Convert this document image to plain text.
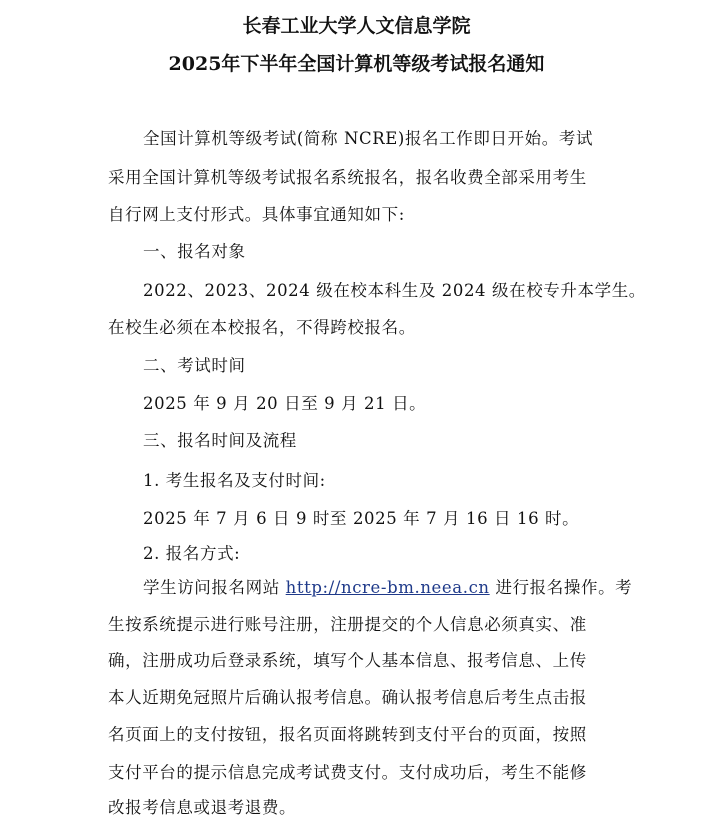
长春工业大学人文信息学院
2025年下半年全国计算机等级考试报名通知
全国计算机等级考试(简称 NCRE)报名工作即日开始。考试
采用全国计算机等级考试报名系统报名，报名收费全部采用考生
自行网上支付形式。具体事宜通知如下:
一、报名对象
2022、2023、2024 级在校本科生及 2024 级在校专升本学生。
在校生必须在本校报名，不得跨校报名。
二、考试时间
2025 年 9 月 20 日至 9 月 21 日。
三、报名时间及流程
1. 考生报名及支付时间:
2025 年 7 月 6 日 9 时至 2025 年 7 月 16 日 16 时。
2. 报名方式:
学生访问报名网站 http://ncre-bm.neea.cn 进行报名操作。考
生按系统提示进行账号注册，注册提交的个人信息必须真实、准
确，注册成功后登录系统，填写个人基本信息、报考信息、上传
本人近期免冠照片后确认报考信息。确认报考信息后考生点击报
名页面上的支付按钮，报名页面将跳转到支付平台的页面，按照
支付平台的提示信息完成考试费支付。支付成功后，考生不能修
改报考信息或退考退费。
